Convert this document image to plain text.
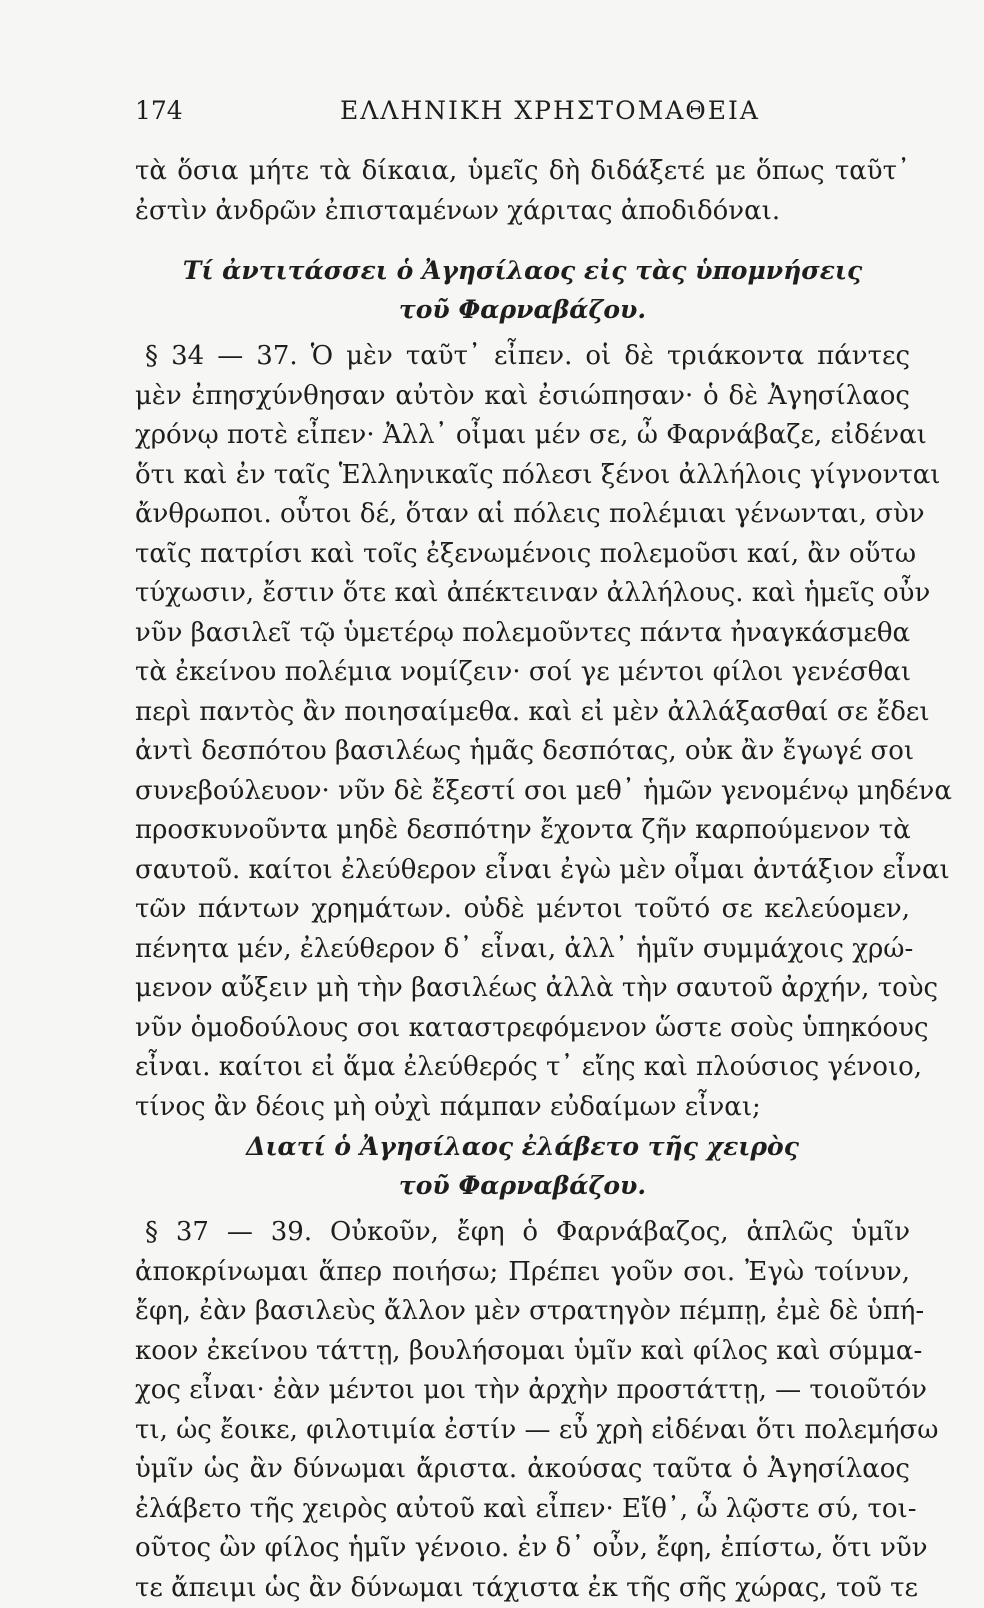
174	ΕΛΛΗΝΙΚΗ ΧΡΗΣΤΟΜΑΘΕΙΑ
τὰ ὅσια μήτε τὰ δίκαια, ὑμεῖς δὴ διδάξετέ με ὅπως ταῦτ᾽
ἐστὶν ἀνδρῶν ἐπισταμένων χάριτας ἀποδιδόναι.
Τί ἀντιτάσσει ὁ Ἀγησίλαος εἰς τὰς ὑπομνήσεις
τοῦ Φαρναβάζου.
§ 34 — 37. Ὁ μὲν ταῦτ᾽ εἶπεν. οἱ δὲ τριάκοντα πάντες
μὲν ἐπησχύνθησαν αὐτὸν καὶ ἐσιώπησαν· ὁ δὲ Ἀγησίλαος
χρόνῳ ποτὲ εἶπεν· Ἀλλ᾽ οἶμαι μέν σε, ὦ Φαρνάβαζε, εἰδέναι
ὅτι καὶ ἐν ταῖς Ἑλληνικαῖς πόλεσι ξένοι ἀλλήλοις γίγνονται
ἄνθρωποι. οὗτοι δέ, ὅταν αἱ πόλεις πολέμιαι γένωνται, σὺν
ταῖς πατρίσι καὶ τοῖς ἐξενωμένοις πολεμοῦσι καί, ἂν οὕτω
τύχωσιν, ἔστιν ὅτε καὶ ἀπέκτειναν ἀλλήλους. καὶ ἡμεῖς οὖν
νῦν βασιλεῖ τῷ ὑμετέρῳ πολεμοῦντες πάντα ἠναγκάσμεθα
τὰ ἐκείνου πολέμια νομίζειν· σοί γε μέντοι φίλοι γενέσθαι
περὶ παντὸς ἂν ποιησαίμεθα. καὶ εἰ μὲν ἀλλάξασθαί σε ἔδει
ἀντὶ δεσπότου βασιλέως ἡμᾶς δεσπότας, οὐκ ἂν ἔγωγέ σοι
συνεβούλευον· νῦν δὲ ἔξεστί σοι μεθ᾽ ἡμῶν γενομένῳ μηδένα
προσκυνοῦντα μηδὲ δεσπότην ἔχοντα ζῆν καρπούμενον τὰ
σαυτοῦ. καίτοι ἐλεύθερον εἶναι ἐγὼ μὲν οἶμαι ἀντάξιον εἶναι
τῶν πάντων χρημάτων. οὐδὲ μέντοι τοῦτό σε κελεύομεν,
πένητα μέν, ἐλεύθερον δ᾽ εἶναι, ἀλλ᾽ ἡμῖν συμμάχοις χρώ-
μενον αὔξειν μὴ τὴν βασιλέως ἀλλὰ τὴν σαυτοῦ ἀρχήν, τοὺς
νῦν ὁμοδούλους σοι καταστρεφόμενον ὥστε σοὺς ὑπηκόους
εἶναι. καίτοι εἰ ἅμα ἐλεύθερός τ᾽ εἴης καὶ πλούσιος γένοιο,
τίνος ἂν δέοις μὴ οὐχὶ πάμπαν εὐδαίμων εἶναι;
Διατί ὁ Ἀγησίλαος ἐλάβετο τῆς χειρὸς
τοῦ Φαρναβάζου.
§ 37 — 39. Οὐκοῦν, ἔφη ὁ Φαρνάβαζος, ἁπλῶς ὑμῖν
ἀποκρίνωμαι ἅπερ ποιήσω; Πρέπει γοῦν σοι. Ἐγὼ τοίνυν,
ἔφη, ἐὰν βασιλεὺς ἄλλον μὲν στρατηγὸν πέμπῃ, ἐμὲ δὲ ὑπή-
κοον ἐκείνου τάττῃ, βουλήσομαι ὑμῖν καὶ φίλος καὶ σύμμα-
χος εἶναι· ἐὰν μέντοι μοι τὴν ἀρχὴν προστάττῃ, — τοιοῦτόν
τι, ὡς ἔοικε, φιλοτιμία ἐστίν — εὖ χρὴ εἰδέναι ὅτι πολεμήσω
ὑμῖν ὡς ἂν δύνωμαι ἄριστα. ἀκούσας ταῦτα ὁ Ἀγησίλαος
ἐλάβετο τῆς χειρὸς αὐτοῦ καὶ εἶπεν· Εἴθ᾽, ὦ λῷστε σύ, τοι-
οῦτος ὢν φίλος ἡμῖν γένοιο. ἐν δ᾽ οὖν, ἔφη, ἐπίστω, ὅτι νῦν
τε ἄπειμι ὡς ἂν δύνωμαι τάχιστα ἐκ τῆς σῆς χώρας, τοῦ τε
